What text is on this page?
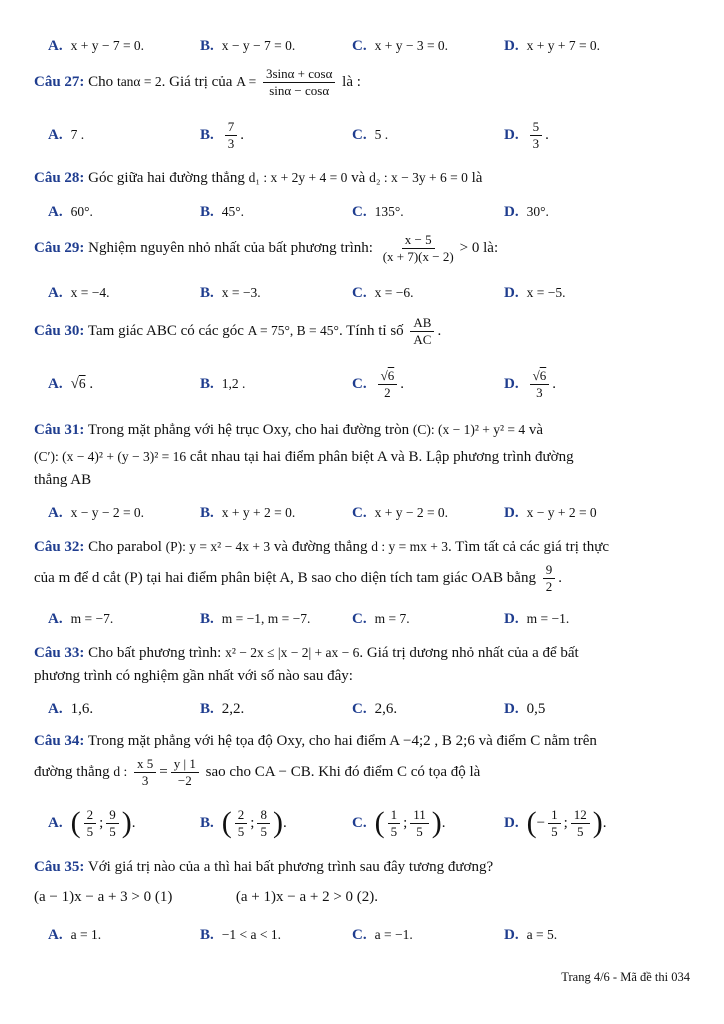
A. x + y − 7 = 0.	B. x − y − 7 = 0.	C. x + y − 3 = 0.	D. x + y + 7 = 0.
Câu 27: Cho tanα = 2. Giá trị của $A = \frac{3\sin\alpha + \cos\alpha}{\sin\alpha - \cos\alpha}$ là :
A. 7 .	B. $\frac{7}{3}$ .	C. 5 .	D. $\frac{5}{3}$ .
Câu 28: Góc giữa hai đường thẳng d₁ : x + 2y + 4 = 0 và d₂ : x − 3y + 6 = 0 là
A. 60°.	B. 45°.	C. 135°.	D. 30°.
Câu 29: Nghiệm nguyên nhỏ nhất của bất phương trình: $\frac{x - 5}{(x + 7)(x - 2)} > 0$ là:
A. x = −4.	B. x = −3.	C. x = −6.	D. x = −5.
Câu 30: Tam giác ABC có các góc A = 75°, B = 45°. Tính tỉ số $\frac{AB}{AC}$ .
A. √ 6 .	B. 1,2 .	C. $\frac{√6}{2}$ .	D. $\frac{√6}{3}$ .
Câu 31: Trong mặt phẳng với hệ trục Oxy, cho hai đường tròn (C): (x − 1)² + y² = 4 và
(C′): (x − 4)² + (y − 3)² = 16 cắt nhau tại hai điểm phân biệt A và B. Lập phương trình đường
thẳng AB
A. x − y − 2 = 0.	B. x + y + 2 = 0.	C. x + y − 2 = 0.	D. x − y + 2 = 0
Câu 32: Cho parabol (P): y = x² − 4x + 3 và đường thẳng d : y = mx + 3. Tìm tất cả các giá trị thực
của m để d cắt (P) tại hai điểm phân biệt A, B sao cho diện tích tam giác OAB bằng $\frac{9}{2}$ .
A. m = −7.	B. m = −1, m = −7.	C. m = 7.	D. m = −1.
Câu 33: Cho bất phương trình: x² − 2x ≤ |x − 2| + ax − 6. Giá trị dương nhỏ nhất của a để bất
phương trình có nghiệm gần nhất với số nào sau đây:
A. 1,6.	B. 2,2.	C. 2,6.	D. 0,5
Câu 34: Trong mặt phẳng với hệ tọa độ Oxy, cho hai điểm A −4;2 , B 2;6 và điểm C nằm trên
đường thẳng d : $\frac{x 5}{3} = \frac{y | 1}{-2}$ sao cho CA − CB. Khi đó điểm C có tọa độ là
A. ( $\frac{2}{5}$ ; $\frac{9}{5}$ ) .	B. ( $\frac{2}{5}$ ; $\frac{8}{5}$ ) .	C. ( $\frac{1}{5}$ ; $\frac{11}{5}$ ) .	D. ( − $\frac{1}{5}$ ; $\frac{12}{5}$ ) .
Câu 35: Với giá trị nào của a thì hai bất phương trình sau đây tương đương?
(a − 1)x − a + 3 > 0 (1)	(a + 1)x − a + 2 > 0 (2).
A. a = 1.	B. −1 < a < 1.	C. a = −1.	D. a = 5.
Trang 4/6 - Mã đề thi 034
